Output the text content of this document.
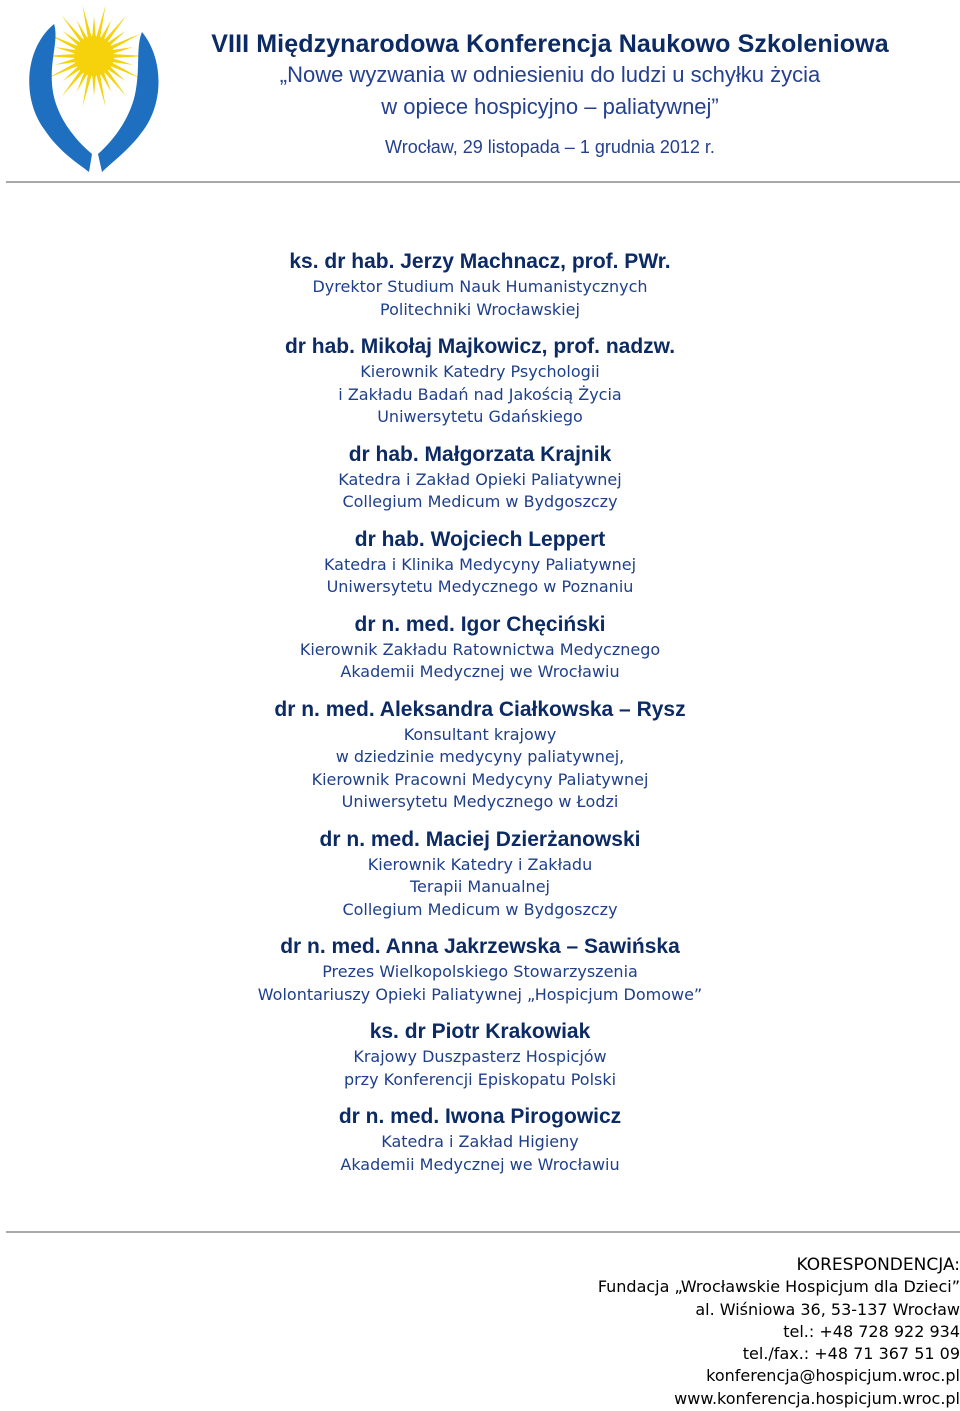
VIII Międzynarodowa Konferencja Naukowo Szkoleniowa
„Nowe wyzwania w odniesieniu do ludzi u schyłku życia
w opiece hospicyjno – paliatywnej”
Wrocław, 29 listopada – 1 grudnia 2012 r.
ks. dr hab. Jerzy Machnacz, prof. PWr.
Dyrektor Studium Nauk Humanistycznych
Politechniki Wrocławskiej
dr hab. Mikołaj Majkowicz, prof. nadzw.
Kierownik Katedry Psychologii
i Zakładu Badań nad Jakością Życia
Uniwersytetu Gdańskiego
dr hab. Małgorzata Krajnik
Katedra i Zakład Opieki Paliatywnej
Collegium Medicum w Bydgoszczy
dr hab. Wojciech Leppert
Katedra i Klinika Medycyny Paliatywnej
Uniwersytetu Medycznego w Poznaniu
dr n. med. Igor Chęciński
Kierownik Zakładu Ratownictwa Medycznego
Akademii Medycznej we Wrocławiu
dr n. med. Aleksandra Ciałkowska – Rysz
Konsultant krajowy
w dziedzinie medycyny paliatywnej,
Kierownik Pracowni Medycyny Paliatywnej
Uniwersytetu Medycznego w Łodzi
dr n. med. Maciej Dzierżanowski
Kierownik Katedry i Zakładu
Terapii Manualnej
Collegium Medicum w Bydgoszczy
dr n. med. Anna Jakrzewska – Sawińska
Prezes Wielkopolskiego Stowarzyszenia
Wolontariuszy Opieki Paliatywnej „Hospicjum Domowe”
ks. dr Piotr Krakowiak
Krajowy Duszpasterz Hospicjów
przy Konferencji Episkopatu Polski
dr n. med. Iwona Pirogowicz
Katedra i Zakład Higieny
Akademii Medycznej we Wrocławiu
KORESPONDENCJA:
Fundacja „Wrocławskie Hospicjum dla Dzieci”
al. Wiśniowa 36, 53-137 Wrocław
tel.: +48 728 922 934
tel./fax.: +48 71 367 51 09
konferencja@hospicjum.wroc.pl
www.konferencja.hospicjum.wroc.pl
